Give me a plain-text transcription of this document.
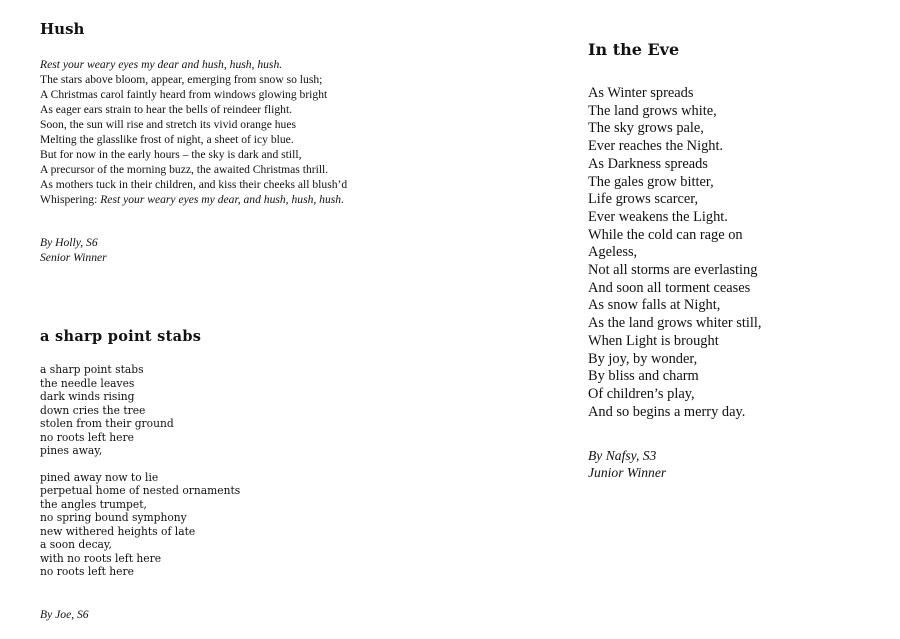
Hush
Rest your weary eyes my dear and hush, hush, hush.
The stars above bloom, appear, emerging from snow so lush;
A Christmas carol faintly heard from windows glowing bright
As eager ears strain to hear the bells of reindeer flight.
Soon, the sun will rise and stretch its vivid orange hues
Melting the glasslike frost of night, a sheet of icy blue.
But for now in the early hours – the sky is dark and still,
A precursor of the morning buzz, the awaited Christmas thrill.
As mothers tuck in their children, and kiss their cheeks all blush’d
Whispering: Rest your weary eyes my dear, and hush, hush, hush.
By Holly, S6
Senior Winner
a sharp point stabs
a sharp point stabs
the needle leaves
dark winds rising
down cries the tree
stolen from their ground
no roots left here
pines away,
pined away now to lie
perpetual home of nested ornaments
the angles trumpet,
no spring bound symphony
new withered heights of late
a soon decay,
with no roots left here
no roots left here
By Joe, S6
In the Eve
As Winter spreads
The land grows white,
The sky grows pale,
Ever reaches the Night.
As Darkness spreads
The gales grow bitter,
Life grows scarcer,
Ever weakens the Light.
While the cold can rage on
Ageless,
Not all storms are everlasting
And soon all torment ceases
As snow falls at Night,
As the land grows whiter still,
When Light is brought
By joy, by wonder,
By bliss and charm
Of children’s play,
And so begins a merry day.
By Nafsy, S3
Junior Winner
